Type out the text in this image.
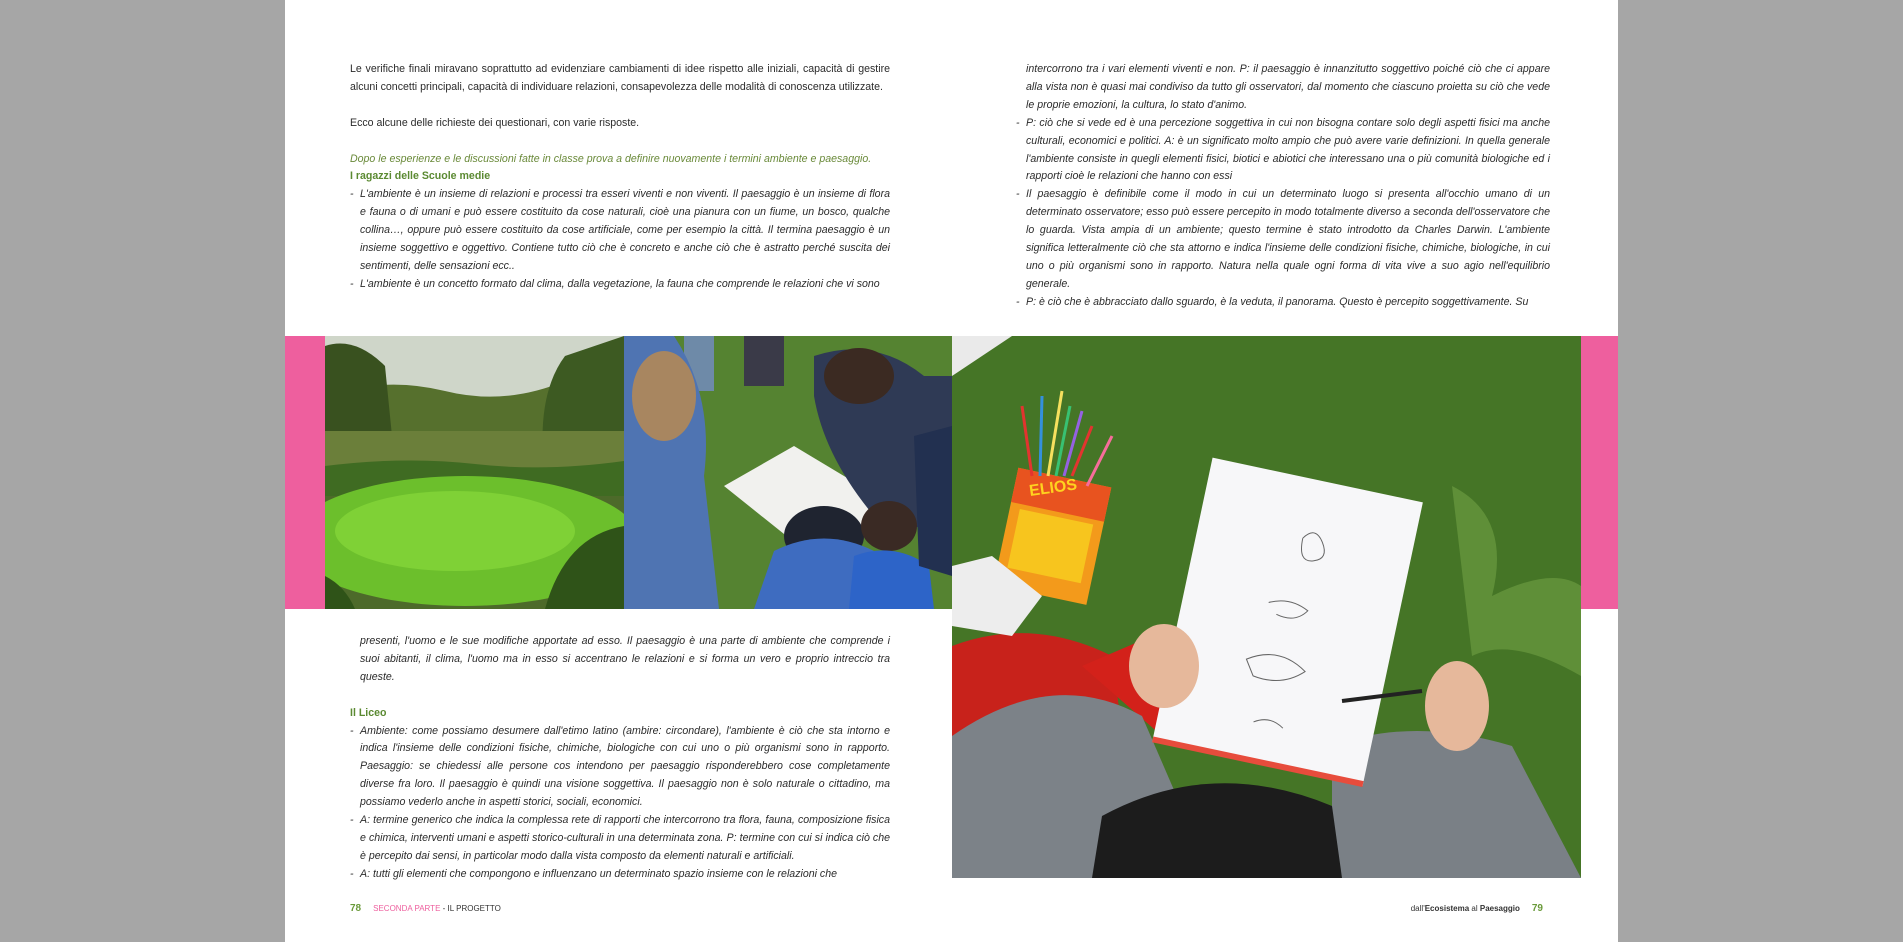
Le verifiche finali miravano soprattutto ad evidenziare cambiamenti di idee rispetto alle iniziali, capacità di gestire alcuni concetti principali, capacità di individuare relazioni, consapevolezza delle modalità di conoscenza utilizzate.

Ecco alcune delle richieste dei questionari, con varie risposte.

Dopo le esperienze e le discussioni fatte in classe prova a definire nuovamente i termini ambiente e paesaggio.

I ragazzi delle Scuole medie

- L'ambiente è un insieme di relazioni e processi tra esseri viventi e non viventi. Il paesaggio è un insieme di flora e fauna o di umani e può essere costituito da cose naturali, cioè una pianura con un fiume, un bosco, qualche collina…, oppure può essere costituito da cose artificiale, come per esempio la città. Il termina paesaggio è un insieme soggettivo e oggettivo. Contiene tutto ciò che è concreto e anche ciò che è astratto perché suscita dei sentimenti, delle sensazioni ecc..
- L'ambiente è un concetto formato dal clima, dalla vegetazione, la fauna che comprende le relazioni che vi sono

intercorrono tra i vari elementi viventi e non. P: il paesaggio è innanzitutto soggettivo poiché ciò che ci appare alla vista non è quasi mai condiviso da tutto gli osservatori, dal momento che ciascuno proietta su ciò che vede le proprie emozioni, la cultura, lo stato d'animo.

- P: ciò che si vede ed è una percezione soggettiva in cui non bisogna contare solo degli aspetti fisici ma anche culturali, economici e politici. A: è un significato molto ampio che può avere varie definizioni. In quella generale l'ambiente consiste in quegli elementi fisici, biotici e abiotici che interessano una o più comunità biologiche ed i rapporti cioè le relazioni che hanno con essi
- Il paesaggio è definibile come il modo in cui un determinato luogo si presenta all'occhio umano di un determinato osservatore; esso può essere percepito in modo totalmente diverso a seconda dell'osservatore che lo guarda. Vista ampia di un ambiente; questo termine è stato introdotto da Charles Darwin. L'ambiente significa letteralmente ciò che sta attorno e indica l'insieme delle condizioni fisiche, chimiche, biologiche, in cui uno o più organismi sono in rapporto. Natura nella quale ogni forma di vita vive a suo agio nell'equilibrio generale.
- P: è ciò che è abbracciato dallo sguardo, è la veduta, il panorama. Questo è percepito soggettivamente. Su
ELIOS

presenti, l'uomo e le sue modifiche apportate ad esso. Il paesaggio è una parte di ambiente che comprende i suoi abitanti, il clima, l'uomo ma in esso si accentrano le relazioni e si forma un vero e proprio intreccio tra queste.

Il Liceo

- Ambiente: come possiamo desumere dall'etimo latino (ambire: circondare), l'ambiente è ciò che sta intorno e indica l'insieme delle condizioni fisiche, chimiche, biologiche con cui uno o più organismi sono in rapporto. Paesaggio: se chiedessi alle persone cos intendono per paesaggio risponderebbero cose completamente diverse fra loro. Il paesaggio è quindi una visione soggettiva. Il paesaggio non è solo naturale o cittadino, ma possiamo vederlo anche in aspetti storici, sociali, economici.
- A: termine generico che indica la complessa rete di rapporti che intercorrono tra flora, fauna, composizione fisica e chimica, interventi umani e aspetti storico-culturali in una determinata zona. P: termine con cui si indica ciò che è percepito dai sensi, in particolar modo dalla vista composto da elementi naturali e artificiali.
- A: tutti gli elementi che compongono e influenzano un determinato spazio insieme con le relazioni che
78 SECONDA PARTE - IL PROGETTO	dall'Ecosistema al Paesaggio 79
